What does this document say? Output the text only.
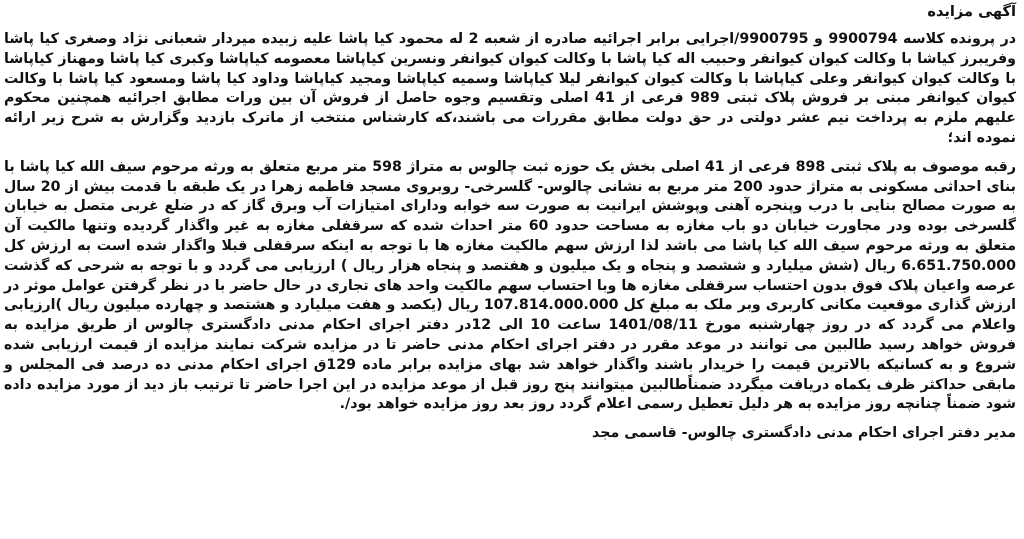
آگهی مزایده

در پرونده کلاسه 9900794 و 9900795/اجرایی برابر اجرائیه صادره از شعبه 2 له محمود کیا پاشا علیه زبیده میردار شعبانی نژاد وصغری کیا پاشا وفریبرز کیاشا با وکالت کیوان کیوانفر وحبیب اله کیا پاشا با وکالت کیوان کیوانفر ونسرین کیاپاشا معصومه کیاپاشا وکبری کیا پاشا ومهناز کیاپاشا با وکالت کیوان کیوانفر وعلی کیاپاشا با وکالت کیوان کیوانفر لیلا کیاپاشا وسمیه کیاپاشا ومجید کیاپاشا وداود کیا پاشا ومسعود کیا پاشا با وکالت کیوان کیوانفر مبنی بر فروش پلاک ثبتی 989 فرعی از 41 اصلی وتقسیم وجوه حاصل از فروش آن بین ورات مطابق اجرائیه همچنین محکوم علیهم ملزم به پرداخت نیم عشر دولتی در حق دولت مطابق مقررات می باشند،که کارشناس منتخب از ماترک بازدید وگزارش به شرح زیر ارائه نموده اند؛

رقبه موصوف به پلاک ثبتی 898 فرعی از 41 اصلی بخش یک حوزه ثبت چالوس به متراژ 598 متر مربع متعلق به ورثه مرحوم سیف الله کیا پاشا با بنای احداثی مسکونی به متراژ حدود 200 متر مربع به نشانی چالوس- گلسرخی- روبروی مسجد فاطمه زهرا در یک طبقه با قدمت بیش از 20 سال به صورت مصالح بنایی با درب وپنجره آهنی وپوشش ایرانیت به صورت سه خوابه ودارای امتیازات آب وبرق گاز که در ضلع غربی متصل به خیابان گلسرخی بوده ودر مجاورت خیابان دو باب مغازه به مساحت حدود 60 متر احداث شده که سرقفلی مغازه به غیر واگذار گردیده وتنها مالکیت آن متعلق به ورثه مرحوم سیف الله کیا پاشا می باشد لذا ارزش سهم مالکیت مغازه ها با توجه به اینکه سرقفلی قبلا واگذار شده است به ارزش کل 6.651.750.000 ریال (شش میلیارد و ششصد و پنجاه و یک میلیون و هفتصد و پنجاه هزار ریال ) ارزیابی می گردد و با توجه به شرحی که گذشت عرصه واعیان پلاک فوق بدون احتساب سرقفلی مغازه ها وبا احتساب سهم مالکیت واحد های تجاری در حال حاضر با در نظر گرفتن عوامل موثر در ارزش گذاری موقعیت مکانی کاربری وبر ملک به مبلغ کل 107.814.000.000 ریال (یکصد و هفت میلیارد و هشتصد و چهارده میلیون ریال )ارزیابی واعلام می گردد که در روز چهارشنبه مورخ 1401/08/11 ساعت 10 الی 12در دفتر اجرای احکام مدنی دادگستری چالوس از طریق مزایده به فروش خواهد رسید طالبین می توانند در موعد مقرر در دفتر اجرای احکام مدنی حاضر تا در مزایده شرکت نمایند مزایده از قیمت ارزیابی شده شروع و به کسانیکه بالاترین قیمت را خریدار باشند واگذار خواهد شد بهای مزایده برابر ماده 129ق اجرای احکام مدنی ده درصد فی المجلس و مابقی حداکثر ظرف یکماه دریافت میگردد ضمناًطالبین میتوانند پنج روز قبل از موعد مزایده در این اجرا حاضر تا ترتیب باز دید از مورد مزایده داده شود ضمناً چنانچه روز مزایده به هر دلیل تعطیل رسمی اعلام گردد روز بعد روز مزایده خواهد بود/.

مدیر دفتر اجرای احکام مدنی دادگستری چالوس- قاسمی مجد
